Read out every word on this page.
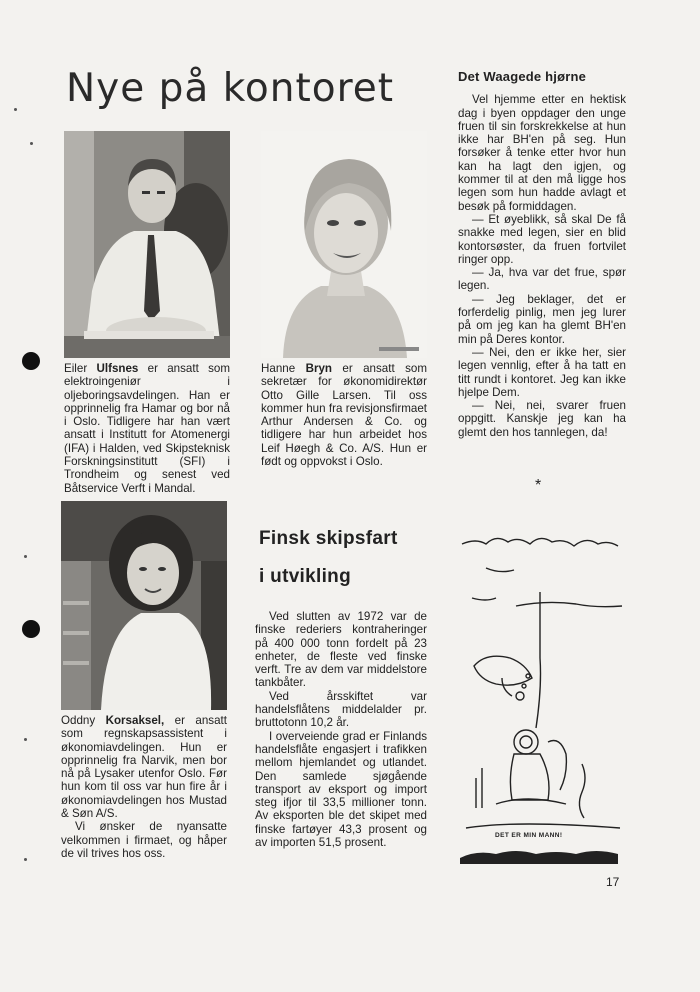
Nye på kontoret

Eiler Ulfsnes er ansatt som elektroingeniør i oljeboringsavdelingen. Han er opprinnelig fra Hamar og bor nå i Oslo. Tidligere har han vært ansatt i Institutt for Atomenergi (IFA) i Halden, ved Skipsteknisk Forskningsinstitutt (SFI) i Trondheim og senest ved Båtservice Verft i Mandal.

Hanne Bryn er ansatt som sekretær for økonomidirektør Otto Gille Larsen. Til oss kommer hun fra revisjonsfirmaet Arthur Andersen & Co. og tidligere har hun arbeidet hos Leif Høegh & Co. A/S. Hun er født og oppvokst i Oslo.

Oddny Korsaksel, er ansatt som regnskapsassistent i økonomiavdelingen. Hun er opprinnelig fra Narvik, men bor nå på Lysaker utenfor Oslo. Før hun kom til oss var hun fire år i økonomiavdelingen hos Mustad & Søn A/S.

Vi ønsker de nyansatte velkommen i firmaet, og håper de vil trives hos oss.

Det Waagede hjørne

Vel hjemme etter en hektisk dag i byen oppdager den unge fruen til sin forskrekkelse at hun ikke har BH'en på seg. Hun forsøker å tenke etter hvor hun kan ha lagt den igjen, og kommer til at den må ligge hos legen som hun hadde avlagt et besøk på formiddagen.

— Et øyeblikk, så skal De få snakke med legen, sier en blid kontorsøster, da fruen fortvilet ringer opp.

— Ja, hva var det frue, spør legen.

— Jeg beklager, det er forferdelig pinlig, men jeg lurer på om jeg kan ha glemt BH'en min på Deres kontor.

— Nei, den er ikke her, sier legen vennlig, efter å ha tatt en titt rundt i kontoret. Jeg kan ikke hjelpe Dem.

— Nei, nei, svarer fruen oppgitt. Kanskje jeg kan ha glemt den hos tannlegen, da!

*
Finsk skipsfart
i utvikling

Ved slutten av 1972 var de finske rederiers kontraheringer på 400 000 tonn fordelt på 23 enheter, de fleste ved finske verft. Tre av dem var middelstore tankbåter.

Ved årsskiftet var handelsflåtens middelalder pr. bruttotonn 10,2 år.

I overveiende grad er Finlands handelsflåte engasjert i trafikken mellom hjemlandet og utlandet. Den samlede sjøgående transport av eksport og import steg ifjor til 33,5 millioner tonn. Av eksporten ble det skipet med finske fartøyer 43,3 prosent og av importen 51,5 prosent.

DET ER MIN MANN!
17
